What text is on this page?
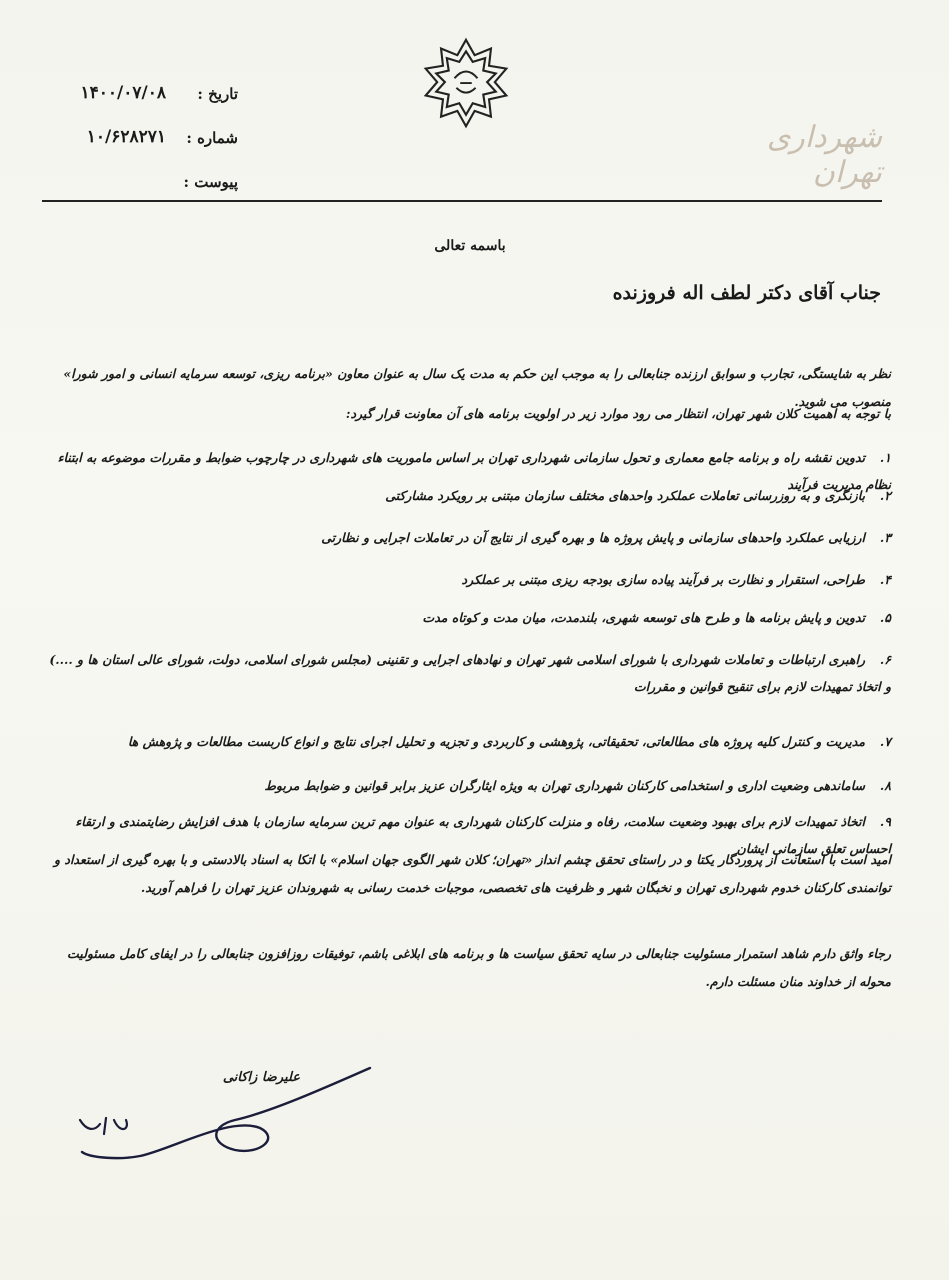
تاریخ :
۱۴۰۰/۰۷/۰۸
شماره :
۱۰/۶۲۸۲۷۱
پیوست :
شهرداری تهران
باسمه تعالی
جناب آقای دکتر لطف اله فروزنده
نظر به شایستگی، تجارب و سوابق ارزنده جنابعالی را به موجب این حکم به مدت یک سال به عنوان معاون «برنامه ریزی، توسعه سرمایه انسانی و امور شورا» منصوب می شوید.
با توجه به اهمیت کلان شهر تهران، انتظار می رود موارد زیر در اولویت برنامه های آن معاونت قرار گیرد:
۱.تدوین نقشه راه و برنامه جامع معماری و تحول سازمانی شهرداری تهران بر اساس ماموریت های شهرداری در چارچوب ضوابط و مقررات موضوعه به ابتناء نظام مدیریت فرآیند
۲.بازنگری و به روزرسانی تعاملات عملکرد واحدهای مختلف سازمان مبتنی بر رویکرد مشارکتی
۳.ارزیابی عملکرد واحدهای سازمانی و پایش پروژه ها و بهره گیری از نتایج آن در تعاملات اجرایی و نظارتی
۴.طراحی، استقرار و نظارت بر فرآیند پیاده سازی بودجه ریزی مبتنی بر عملکرد
۵.تدوین و پایش برنامه ها و طرح های توسعه شهری، بلندمدت، میان مدت و کوتاه مدت
۶.راهبری ارتباطات و تعاملات شهرداری با شورای اسلامی شهر تهران و نهادهای اجرایی و تقنینی (مجلس شورای اسلامی، دولت، شورای عالی استان ها و ....) و اتخاذ تمهیدات لازم برای تنقیح قوانین و مقررات
۷.مدیریت و کنترل کلیه پروژه های مطالعاتی، تحقیقاتی، پژوهشی و کاربردی و تجزیه و تحلیل اجرای نتایج و انواع کاربست مطالعات و پژوهش ها
۸.ساماندهی وضعیت اداری و استخدامی کارکنان شهرداری تهران به ویژه ایثارگران عزیز برابر قوانین و ضوابط مربوط
۹.اتخاذ تمهیدات لازم برای بهبود وضعیت سلامت، رفاه و منزلت کارکنان شهرداری به عنوان مهم ترین سرمایه سازمان با هدف افزایش رضایتمندی و ارتقاء احساس تعلق سازمانی ایشان
امید است با استعانت از پروردگار یکتا و در راستای تحقق چشم انداز «تهران؛ کلان شهر الگوی جهان اسلام» با اتکا به اسناد بالادستی و با بهره گیری از استعداد و توانمندی کارکنان خدوم شهرداری تهران و نخبگان شهر و ظرفیت های تخصصی، موجبات خدمت رسانی به شهروندان عزیز تهران را فراهم آورید.
رجاء واثق دارم شاهد استمرار مسئولیت جنابعالی در سایه تحقق سیاست ها و برنامه های ابلاغی باشم، توفیقات روزافزون جنابعالی را در ایفای کامل مسئولیت محوله از خداوند منان مسئلت دارم.
علیرضا زاکانی
